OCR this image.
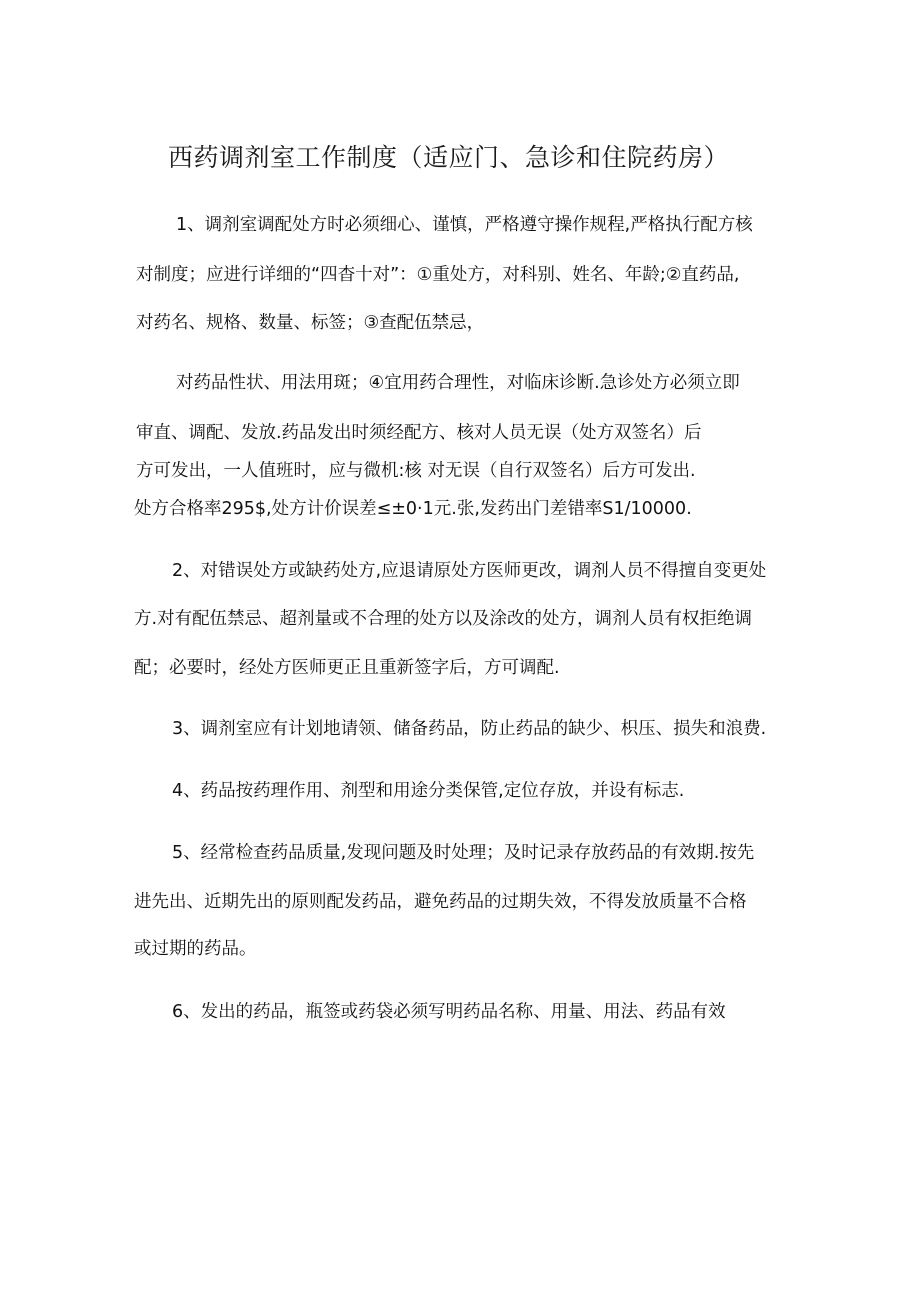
西药调剂室工作制度（适应门、急诊和住院药房）
1、调剂室调配处方时必须细心、谨慎，严格遵守操作规程,严格执行配方核
对制度；应进行详细的“四杳十对”：①重处方，对科别、姓名、年龄;②直药品,
对药名、规格、数量、标签；③查配伍禁忌，
对药品性状、用法用斑；④宜用药合理性，对临床诊断.急诊处方必须立即
审直、调配、发放.药品发出时须经配方、核对人员无误（处方双签名）后
方可发出，一人值班时，应与微机:核 对无误（自行双签名）后方可发出.
处方合格率295$,处方计价误差≤±0·1元.张,发药出门差错率S1/10000.
2、对错误处方或缺药处方,应退请原处方医师更改，调剂人员不得擅自变更处
方.对有配伍禁忌、超剂量或不合理的处方以及涂改的处方，调剂人员有权拒绝调
配；必要时，经处方医师更正且重新签字后，方可调配.
3、调剂室应有计划地请领、储备药品，防止药品的缺少、枳压、损失和浪费.
4、药品按药理作用、剂型和用途分类保管,定位存放，并设有标志.
5、经常检查药品质量,发现问题及时处理；及时记录存放药品的有效期.按先
进先出、近期先出的原则配发药品，避免药品的过期失效，不得发放质量不合格
或过期的药品。
6、发出的药品，瓶签或药袋必须写明药品名称、用量、用法、药品有效
